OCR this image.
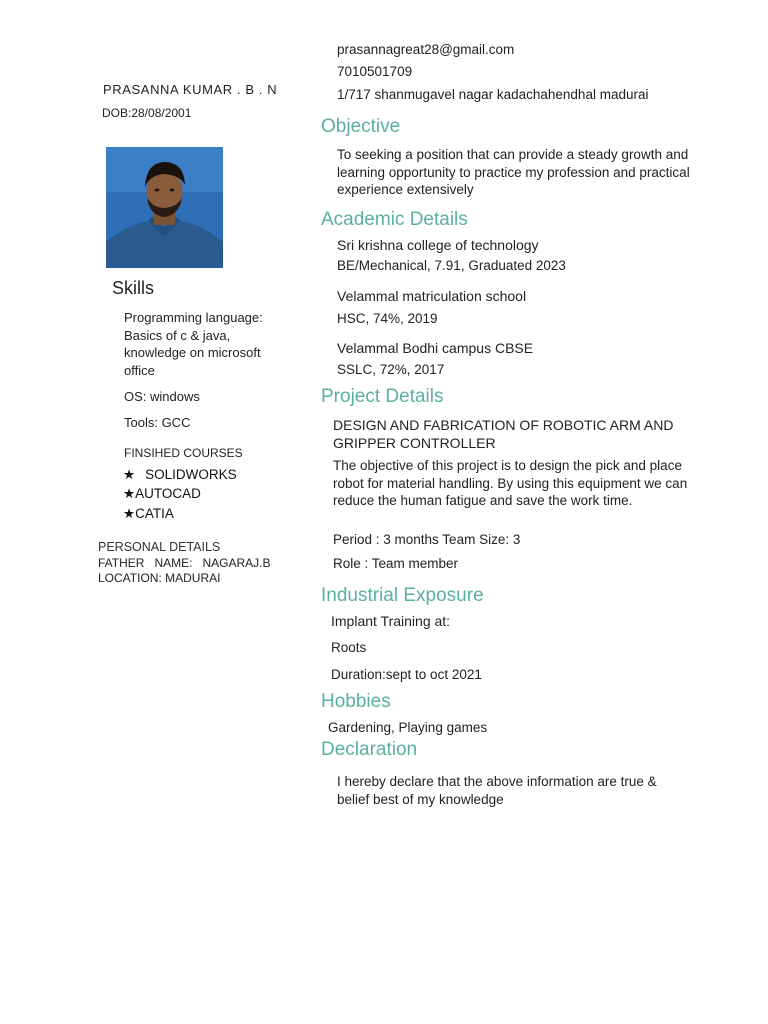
PRASANNA KUMAR . B . N
DOB:28/08/2001
Skills
Programming language: Basics of c & java, knowledge on microsoft office
OS: windows
Tools: GCC
FINSIHED COURSES
★ SOLIDWORKS
★AUTOCAD
★CATIA
PERSONAL DETAILS
FATHER   NAME:   NAGARAJ.B
LOCATION: MADURAI
prasannagreat28@gmail.com
7010501709
1/717 shanmugavel nagar kadachahendhal madurai
Objective
To seeking a position that can provide a steady growth and learning opportunity to practice my profession and practical experience extensively
Academic Details
Sri krishna college of technology
BE/Mechanical, 7.91, Graduated 2023
Velammal matriculation school
HSC, 74%, 2019
Velammal Bodhi campus CBSE
SSLC, 72%, 2017
Project Details
DESIGN AND FABRICATION OF ROBOTIC ARM AND GRIPPER CONTROLLER
The objective of this project is to design the pick and place robot for material handling. By using this equipment we can reduce the human fatigue and save the work time.
Period : 3 months Team Size: 3
Role : Team member
Industrial Exposure
Implant Training at:
Roots
Duration:sept to oct 2021
Hobbies
Gardening, Playing games
Declaration
I hereby declare that the above information are true & belief best of my knowledge
